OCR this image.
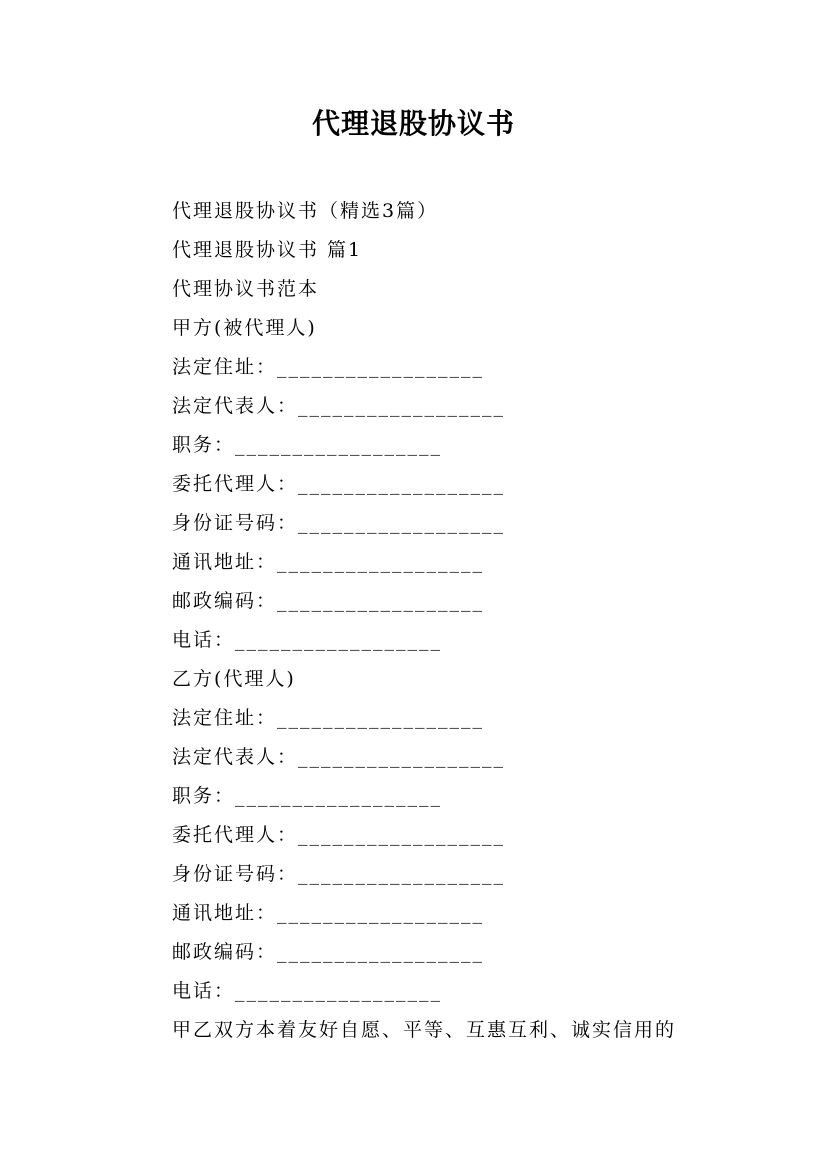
代理退股协议书
代理退股协议书（精选3篇）
代理退股协议书 篇1
代理协议书范本
甲方(被代理人)
法定住址：__________________
法定代表人：__________________
职务：__________________
委托代理人：__________________
身份证号码：__________________
通讯地址：__________________
邮政编码：__________________
电话：__________________
乙方(代理人)
法定住址：__________________
法定代表人：__________________
职务：__________________
委托代理人：__________________
身份证号码：__________________
通讯地址：__________________
邮政编码：__________________
电话：__________________
甲乙双方本着友好自愿、平等、互惠互利、诚实信用的
